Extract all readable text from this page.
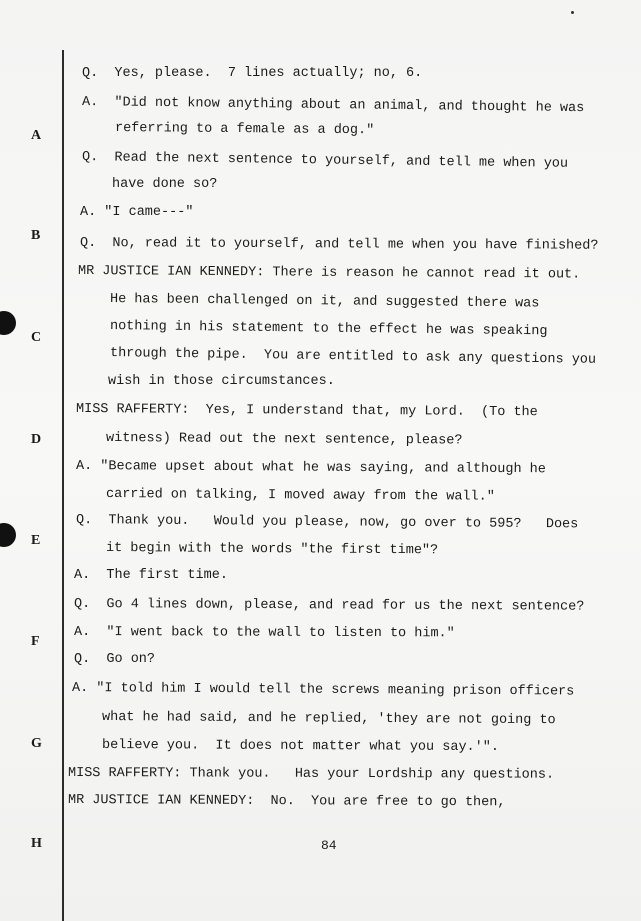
A
B
C
D
E
F
G
H
Q.  Yes, please.  7 lines actually; no, 6.
A.  "Did not know anything about an animal, and thought he was
referring to a female as a dog."
Q.  Read the next sentence to yourself, and tell me when you
have done so?
A. "I came---"
Q.  No, read it to yourself, and tell me when you have finished?
MR JUSTICE IAN KENNEDY: There is reason he cannot read it out.
He has been challenged on it, and suggested there was
nothing in his statement to the effect he was speaking
through the pipe.  You are entitled to ask any questions you
wish in those circumstances.
MISS RAFFERTY:  Yes, I understand that, my Lord.  (To the
witness) Read out the next sentence, please?
A. "Became upset about what he was saying, and although he
carried on talking, I moved away from the wall."
Q.  Thank you.   Would you please, now, go over to 595?   Does
it begin with the words "the first time"?
A.  The first time.
Q.  Go 4 lines down, please, and read for us the next sentence?
A.  "I went back to the wall to listen to him."
Q.  Go on?
A. "I told him I would tell the screws meaning prison officers
what he had said, and he replied, 'they are not going to
believe you.  It does not matter what you say.'".
MISS RAFFERTY: Thank you.   Has your Lordship any questions.
MR JUSTICE IAN KENNEDY:  No.  You are free to go then,
84
